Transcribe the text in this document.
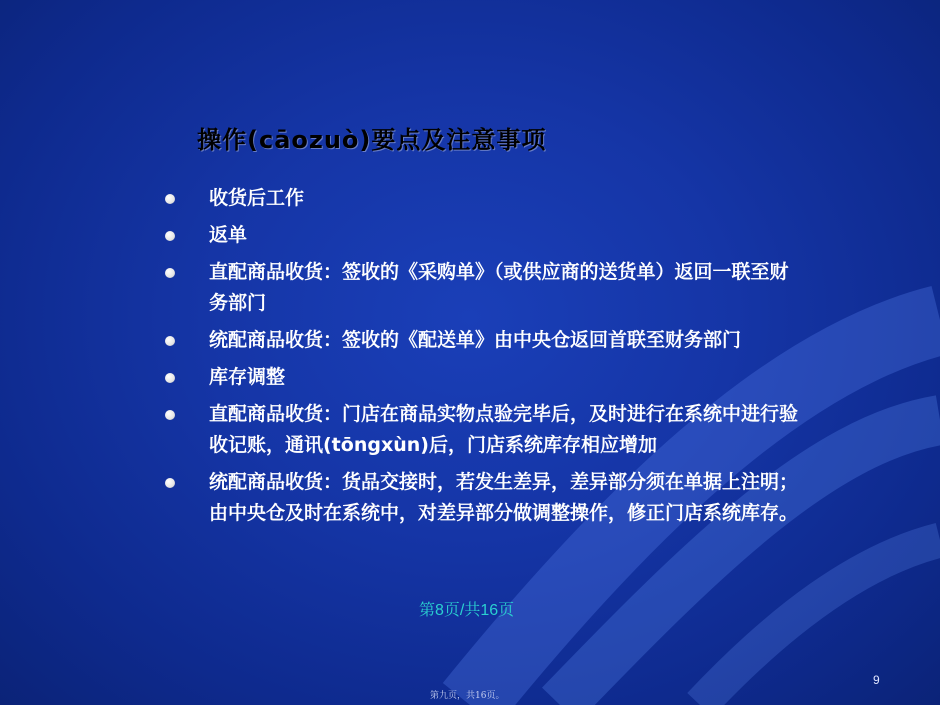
操作(cāozuò)要点及注意事项
收货后工作
返单
直配商品收货：签收的《采购单》（或供应商的送货单）返回一联至财务部门
统配商品收货：签收的《配送单》由中央仓返回首联至财务部门
库存调整
直配商品收货：门店在商品实物点验完毕后，及时进行在系统中进行验收记账，通讯(tōngxùn)后，门店系统库存相应增加
统配商品收货：货品交接时，若发生差异，差异部分须在单据上注明；由中央仓及时在系统中，对差异部分做调整操作，修正门店系统库存。
第8页/共16页
9
第九页，共16页。
